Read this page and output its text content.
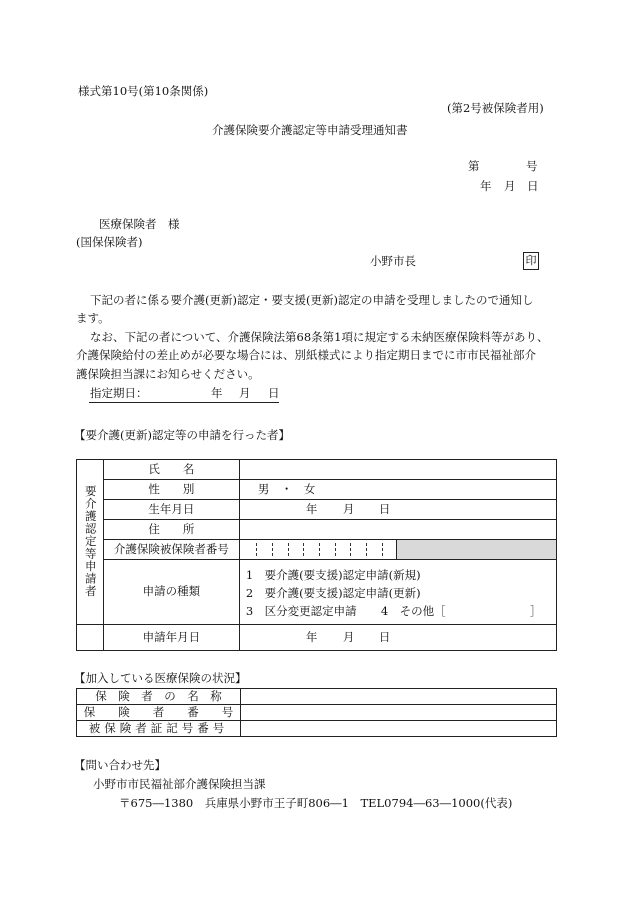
様式第10号(第10条関係)
(第2号被保険者用)
介護保険要介護認定等申請受理通知書
第	号
年 月 日
医療保険者 様
(国保保険者)
小野市長	印
下記の者に係る要介護(更新)認定・要支援(更新)認定の申請を受理しましたので通知し
ます。
なお、下記の者について、介護保険法第68条第1項に規定する未納医療保険料等があり、
介護保険給付の差止めが必要な場合には、別紙様式により指定期日までに市市民福祉部介
護保険担当課にお知らせください。
指定期日：	年 月 日
【要介護(更新)認定等の申請を行った者】
要介護認定等申請者	氏　　名		
	性　　別	男　・　女	
	生年月日	年 月 日	

	住　　所		
	介護保険被保険者番号	

	申請の種類	1　要介護(要支援)認定申請(新規)
2　要介護(要支援)認定申請(更新)
3　区分変更認定申請 4　その他［ ］	

	申請年月日	年 月 日	
【加入している医療保険の状況】
保　険　者　の　名　称	
保　　険　　者　　番　　号	
被保険者証記号番号	
【問い合わせ先】
小野市市民福祉部介護保険担当課
〒675―1380　兵庫県小野市王子町806―1　TEL0794―63―1000(代表)
